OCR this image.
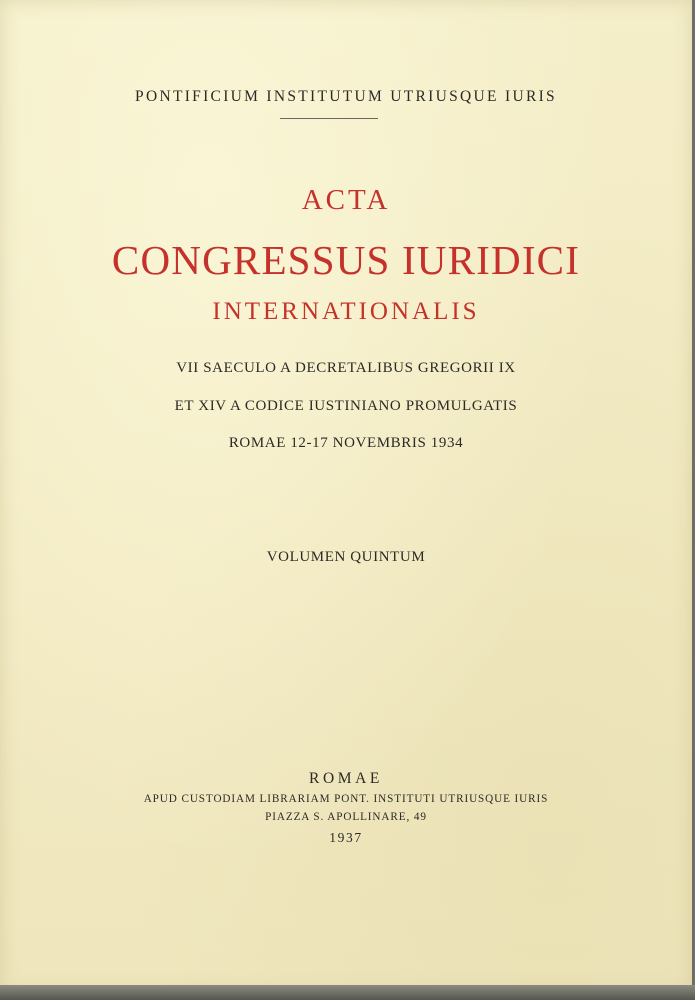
PONTIFICIUM INSTITUTUM UTRIUSQUE IURIS

ACTA

CONGRESSUS IURIDICI

INTERNATIONALIS

VII SAECULO A DECRETALIBUS GREGORII IX

ET XIV A CODICE IUSTINIANO PROMULGATIS

ROMAE 12-17 NOVEMBRIS 1934

VOLUMEN QUINTUM

ROMAE

APUD CUSTODIAM LIBRARIAM PONT. INSTITUTI UTRIUSQUE IURIS

PIAZZA S. APOLLINARE, 49

1937
